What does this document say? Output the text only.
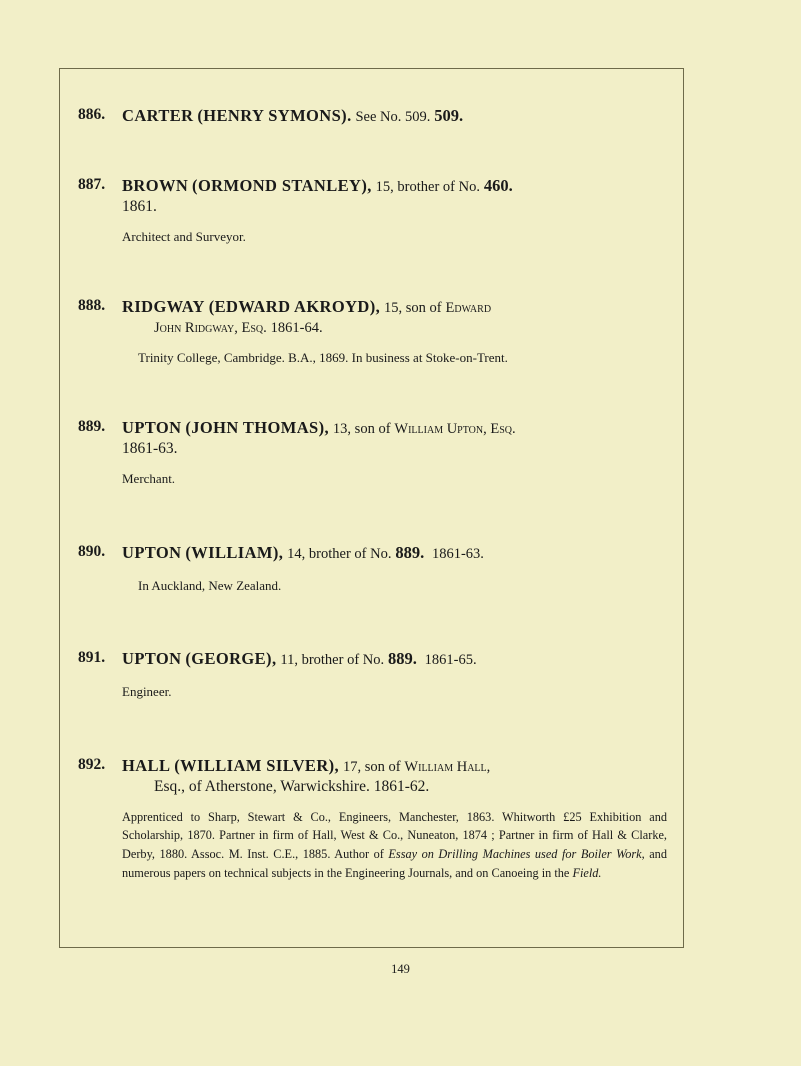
886. CARTER (HENRY SYMONS). See No. 509. 509.
887. BROWN (ORMOND STANLEY), 15, brother of No. 460.
1861.
Architect and Surveyor.
888. RIDGWAY (EDWARD AKROYD), 15, son of Edward
John Ridgway, Esq. 1861-64.
Trinity College, Cambridge. B.A., 1869. In business at Stoke-on-Trent.
889. UPTON (JOHN THOMAS), 13, son of William Upton, Esq.
1861-63.
Merchant.
890. UPTON (WILLIAM), 14, brother of No. 889. 1861-63.
In Auckland, New Zealand.
891. UPTON (GEORGE), 11, brother of No. 889. 1861-65.
Engineer.
892. HALL (WILLIAM SILVER), 17, son of William Hall,
Esq., of Atherstone, Warwickshire. 1861-62.
Apprenticed to Sharp, Stewart & Co., Engineers, Manchester, 1863. Whitworth £25 Exhibition and Scholarship, 1870. Partner in firm of Hall, West & Co., Nuneaton, 1874 ; Partner in firm of Hall & Clarke, Derby, 1880. Assoc. M. Inst. C.E., 1885. Author of Essay on Drilling Machines used for Boiler Work, and numerous papers on technical subjects in the Engineering Journals, and on Canoeing in the Field.
149
